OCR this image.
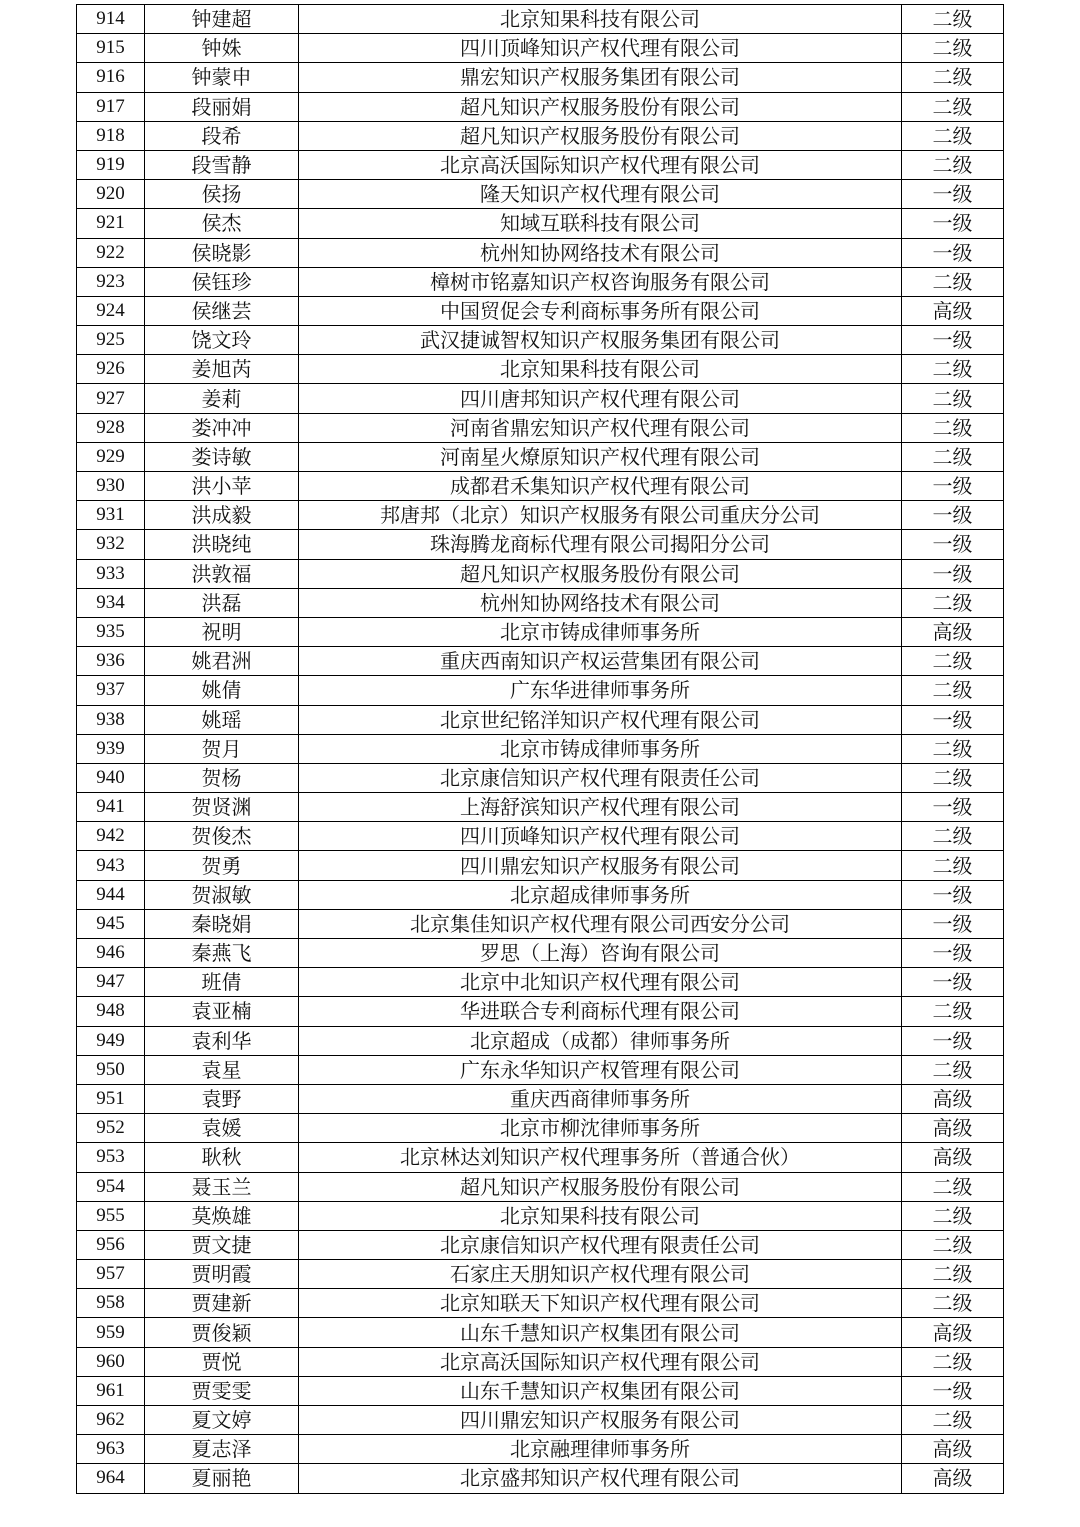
914	钟建超	北京知果科技有限公司	二级
915	钟姝	四川顶峰知识产权代理有限公司	二级
916	钟蒙申	鼎宏知识产权服务集团有限公司	二级
917	段丽娟	超凡知识产权服务股份有限公司	二级
918	段希	超凡知识产权服务股份有限公司	二级
919	段雪静	北京高沃国际知识产权代理有限公司	二级
920	侯扬	隆天知识产权代理有限公司	一级
921	侯杰	知域互联科技有限公司	一级
922	侯晓影	杭州知协网络技术有限公司	一级
923	侯钰珍	樟树市铭嘉知识产权咨询服务有限公司	二级
924	侯继芸	中国贸促会专利商标事务所有限公司	高级
925	饶文玲	武汉捷诚智权知识产权服务集团有限公司	一级
926	姜旭芮	北京知果科技有限公司	二级
927	姜莉	四川唐邦知识产权代理有限公司	二级
928	娄冲冲	河南省鼎宏知识产权代理有限公司	二级
929	娄诗敏	河南星火燎原知识产权代理有限公司	二级
930	洪小苹	成都君禾集知识产权代理有限公司	一级
931	洪成毅	邦唐邦（北京）知识产权服务有限公司重庆分公司	一级
932	洪晓纯	珠海腾龙商标代理有限公司揭阳分公司	一级
933	洪敦福	超凡知识产权服务股份有限公司	一级
934	洪磊	杭州知协网络技术有限公司	二级
935	祝明	北京市铸成律师事务所	高级
936	姚君洲	重庆西南知识产权运营集团有限公司	二级
937	姚倩	广东华进律师事务所	二级
938	姚瑶	北京世纪铭洋知识产权代理有限公司	一级
939	贺月	北京市铸成律师事务所	二级
940	贺杨	北京康信知识产权代理有限责任公司	二级
941	贺贤渊	上海舒滨知识产权代理有限公司	一级
942	贺俊杰	四川顶峰知识产权代理有限公司	二级
943	贺勇	四川鼎宏知识产权服务有限公司	二级
944	贺淑敏	北京超成律师事务所	一级
945	秦晓娟	北京集佳知识产权代理有限公司西安分公司	一级
946	秦燕飞	罗思（上海）咨询有限公司	一级
947	班倩	北京中北知识产权代理有限公司	一级
948	袁亚楠	华进联合专利商标代理有限公司	二级
949	袁利华	北京超成（成都）律师事务所	一级
950	袁星	广东永华知识产权管理有限公司	二级
951	袁野	重庆西商律师事务所	高级
952	袁媛	北京市柳沈律师事务所	高级
953	耿秋	北京林达刘知识产权代理事务所（普通合伙）	高级
954	聂玉兰	超凡知识产权服务股份有限公司	二级
955	莫焕雄	北京知果科技有限公司	二级
956	贾文捷	北京康信知识产权代理有限责任公司	二级
957	贾明霞	石家庄天朋知识产权代理有限公司	二级
958	贾建新	北京知联天下知识产权代理有限公司	二级
959	贾俊颖	山东千慧知识产权集团有限公司	高级
960	贾悦	北京高沃国际知识产权代理有限公司	二级
961	贾雯雯	山东千慧知识产权集团有限公司	一级
962	夏文婷	四川鼎宏知识产权服务有限公司	二级
963	夏志泽	北京融理律师事务所	高级
964	夏丽艳	北京盛邦知识产权代理有限公司	高级
